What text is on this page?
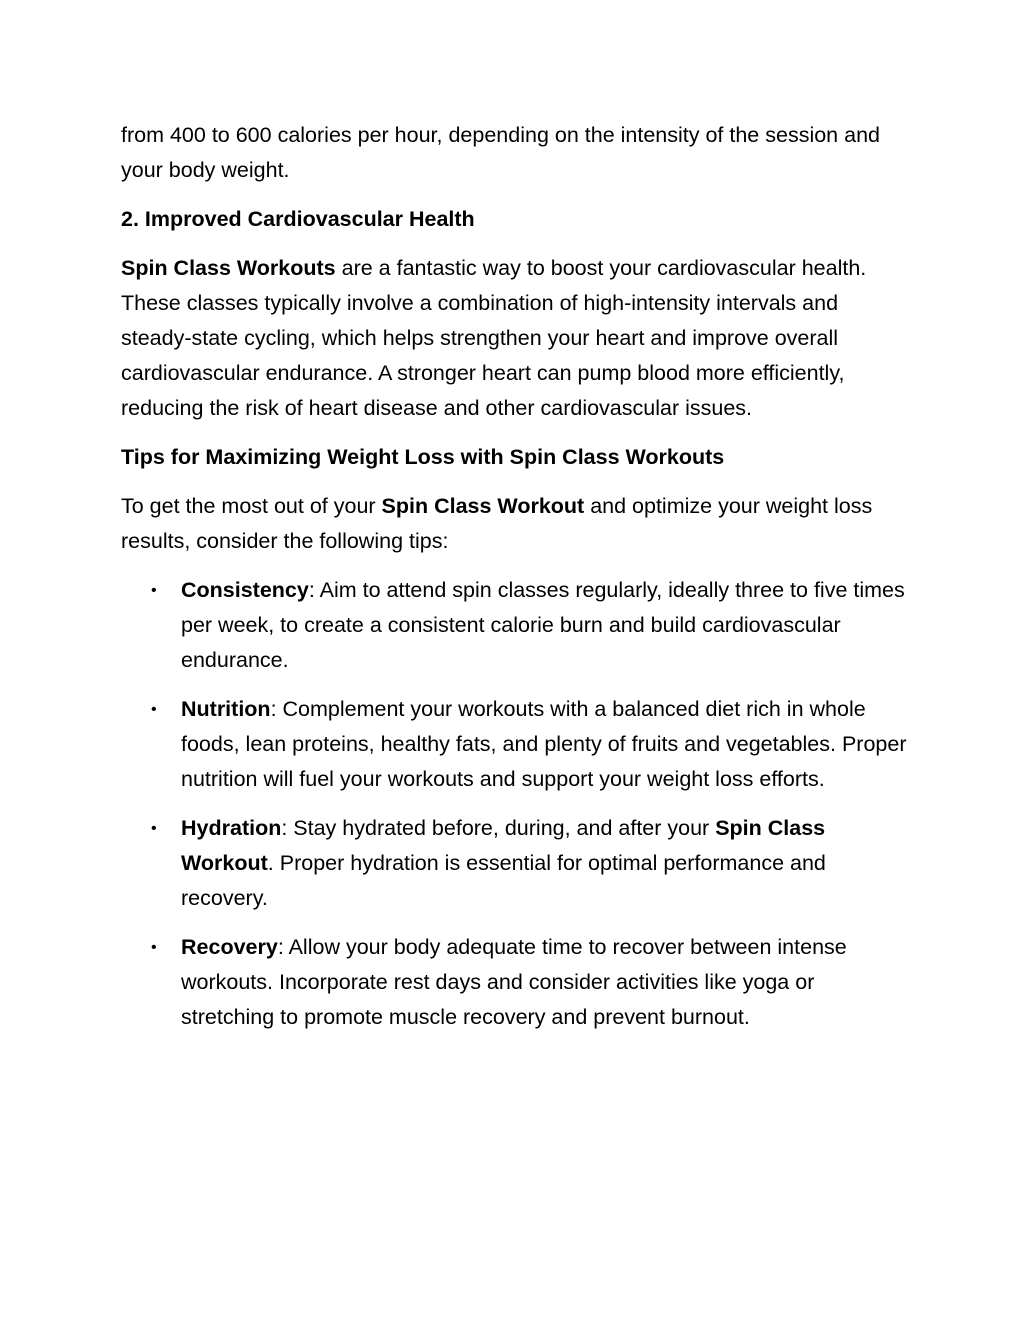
from 400 to 600 calories per hour, depending on the intensity of the session and your body weight.

2. Improved Cardiovascular Health

Spin Class Workouts are a fantastic way to boost your cardiovascular health. These classes typically involve a combination of high-intensity intervals and steady-state cycling, which helps strengthen your heart and improve overall cardiovascular endurance. A stronger heart can pump blood more efficiently, reducing the risk of heart disease and other cardiovascular issues.

Tips for Maximizing Weight Loss with Spin Class Workouts

To get the most out of your Spin Class Workout and optimize your weight loss results, consider the following tips:

• Consistency: Aim to attend spin classes regularly, ideally three to five times per week, to create a consistent calorie burn and build cardiovascular endurance.
• Nutrition: Complement your workouts with a balanced diet rich in whole foods, lean proteins, healthy fats, and plenty of fruits and vegetables. Proper nutrition will fuel your workouts and support your weight loss efforts.
• Hydration: Stay hydrated before, during, and after your Spin Class Workout. Proper hydration is essential for optimal performance and recovery.
• Recovery: Allow your body adequate time to recover between intense workouts. Incorporate rest days and consider activities like yoga or stretching to promote muscle recovery and prevent burnout.
